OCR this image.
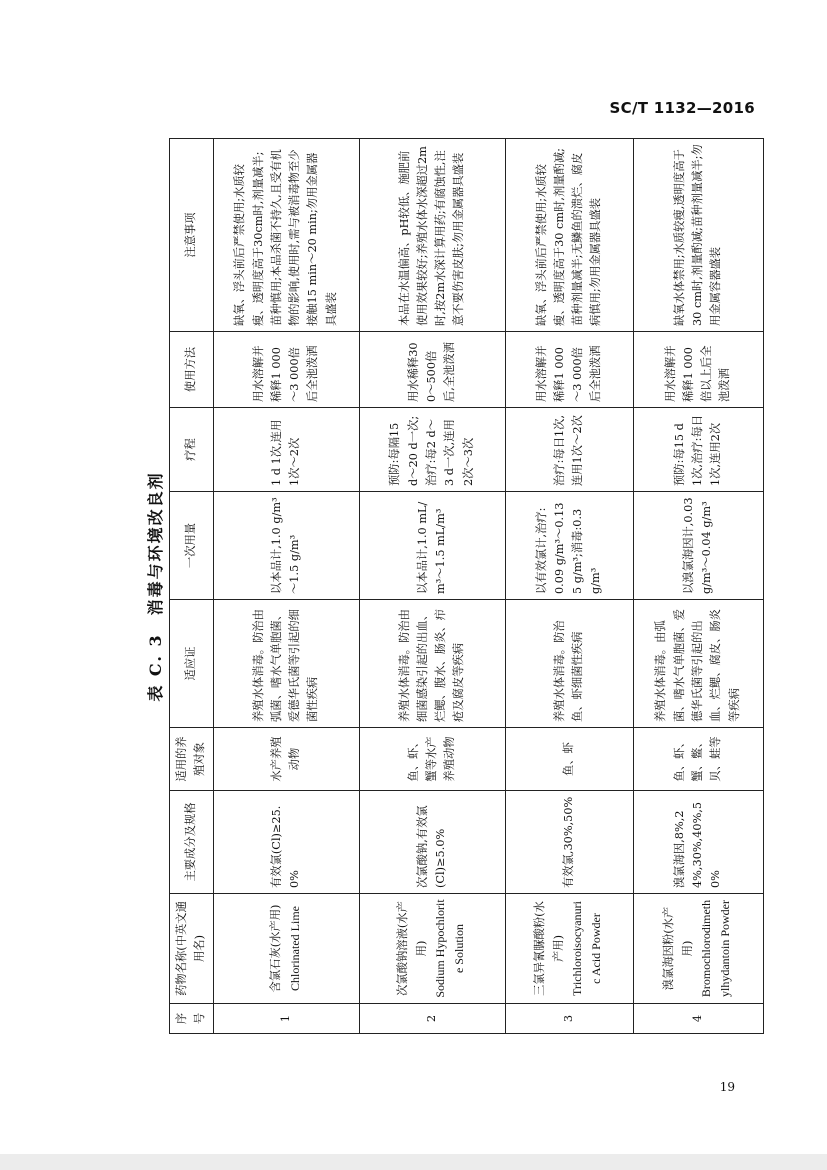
SC/T 1132—2016
表 C. 3　消毒与环境改良剂
序号	药物名称(中英文通用名)	主要成分及规格	适用的养殖对象	适应证	一次用量	疗程	使用方法	注意事项
1	含氯石灰(水产用) Chlorinated Lime	有效氯(Cl)≥25.0%	水产养殖动物	养殖水体消毒。防治由弧菌、嗜水气单胞菌、爱德华氏菌等引起的细菌性疾病	以本品计,1.0 g/m³～1.5 g/m³	1 d 1次,连用1次～2次	用水溶解并稀释1 000～3 000倍后全池泼洒	缺氧、浮头前后严禁使用;水质较瘦、透明度高于30cm时,剂量减半;苗种慎用;本品杀菌不持久,且受有机物的影响,使用时,需与被消毒物至少接触15 min～20 min;勿用金属器具盛装
2	次氯酸钠溶液(水产用) Sodium Hypochlorite Solution	次氯酸钠,有效氯(Cl)≥5.0%	鱼、虾、蟹等水产养殖动物	养殖水体消毒。防治由细菌感染引起的出血、烂鳃、腹水、肠炎、疖疮及腐皮等疾病	以本品计,1.0 mL/m³～1.5 mL/m³	预防:每隔15 d～20 d一次;治疗:每2 d～3 d一次,连用2次～3次	用水稀释300～500倍后,全池泼洒	本品在水温偏高、pH较低、施肥前使用效果较好;养殖水体水深超过2m时,按2m水深计算用药;有腐蚀性,注意不要伤害皮肤;勿用金属器具盛装
3	三氯异氰脲酸粉(水产用) Trichloroisocyanuric Acid Powder	有效氯,30%,50%	鱼、虾	养殖水体消毒。防治鱼、虾细菌性疾病	以有效氯计,治疗:0.09 g/m³～0.135 g/m³;消毒:0.3 g/m³	治疗:每日1次,连用1次～2次	用水溶解并稀释1 000～3 000倍后全池泼洒	缺氧、浮头前后严禁使用;水质较瘦、透明度高于30 cm时,剂量酌减;苗种剂量减半;无鳞鱼的溃烂、腐皮病慎用;勿用金属器具盛装
4	溴氯海因粉(水产用) Bromochlorodimethylhydantoin Powder	溴氯海因,8%,24%,30%,40%,50%	鱼、虾、蟹、鳖、贝、蛙等	养殖水体消毒。由弧菌、嗜水气单胞菌、爱德华氏菌等引起的出血、烂鳃、腐皮、肠炎等疾病	以溴氯海因计,0.03 g/m³～0.04 g/m³	预防:每15 d 1次,治疗:每日1次,连用2次	用水溶解并稀释1 000倍以上后全池泼洒	缺氧水体禁用;水质较瘦,透明度高于30 cm时,剂量酌减;苗种剂量减半;勿用金属容器盛装
19
